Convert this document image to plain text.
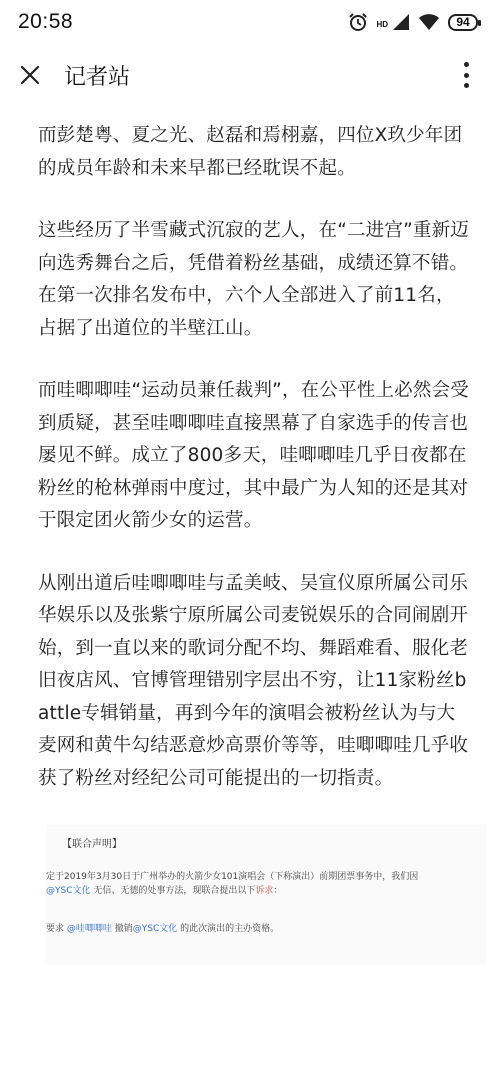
20:58	HD	94
记者站

而彭楚粤、夏之光、赵磊和焉栩嘉，四位X玖少年团的成员年龄和未来早都已经耽误不起。

这些经历了半雪藏式沉寂的艺人，在“二进宫”重新迈向选秀舞台之后，凭借着粉丝基础，成绩还算不错。在第一次排名发布中，六个人全部进入了前11名，占据了出道位的半壁江山。

而哇唧唧哇“运动员兼任裁判”，在公平性上必然会受到质疑，甚至哇唧唧哇直接黑幕了自家选手的传言也屡见不鲜。成立了800多天，哇唧唧哇几乎日夜都在粉丝的枪林弹雨中度过，其中最广为人知的还是其对于限定团火箭少女的运营。

从刚出道后哇唧唧哇与孟美岐、吴宣仪原所属公司乐华娱乐以及张紫宁原所属公司麦锐娱乐的合同闹剧开始，到一直以来的歌词分配不均、舞蹈难看、服化老旧夜店风、官博管理错别字层出不穷，让11家粉丝battle专辑销量，再到今年的演唱会被粉丝认为与大麦网和黄牛勾结恶意炒高票价等等，哇唧唧哇几乎收获了粉丝对经纪公司可能提出的一切指责。

【联合声明】
定于2019年3月30日于广州举办的火箭少女101演唱会（下称演出）前期团票事务中，我们因
@YSC文化 无信、无德的处事方法，现联合提出以下诉求：
要求 @哇唧唧哇 撤销@YSC文化 的此次演出的主办资格。
